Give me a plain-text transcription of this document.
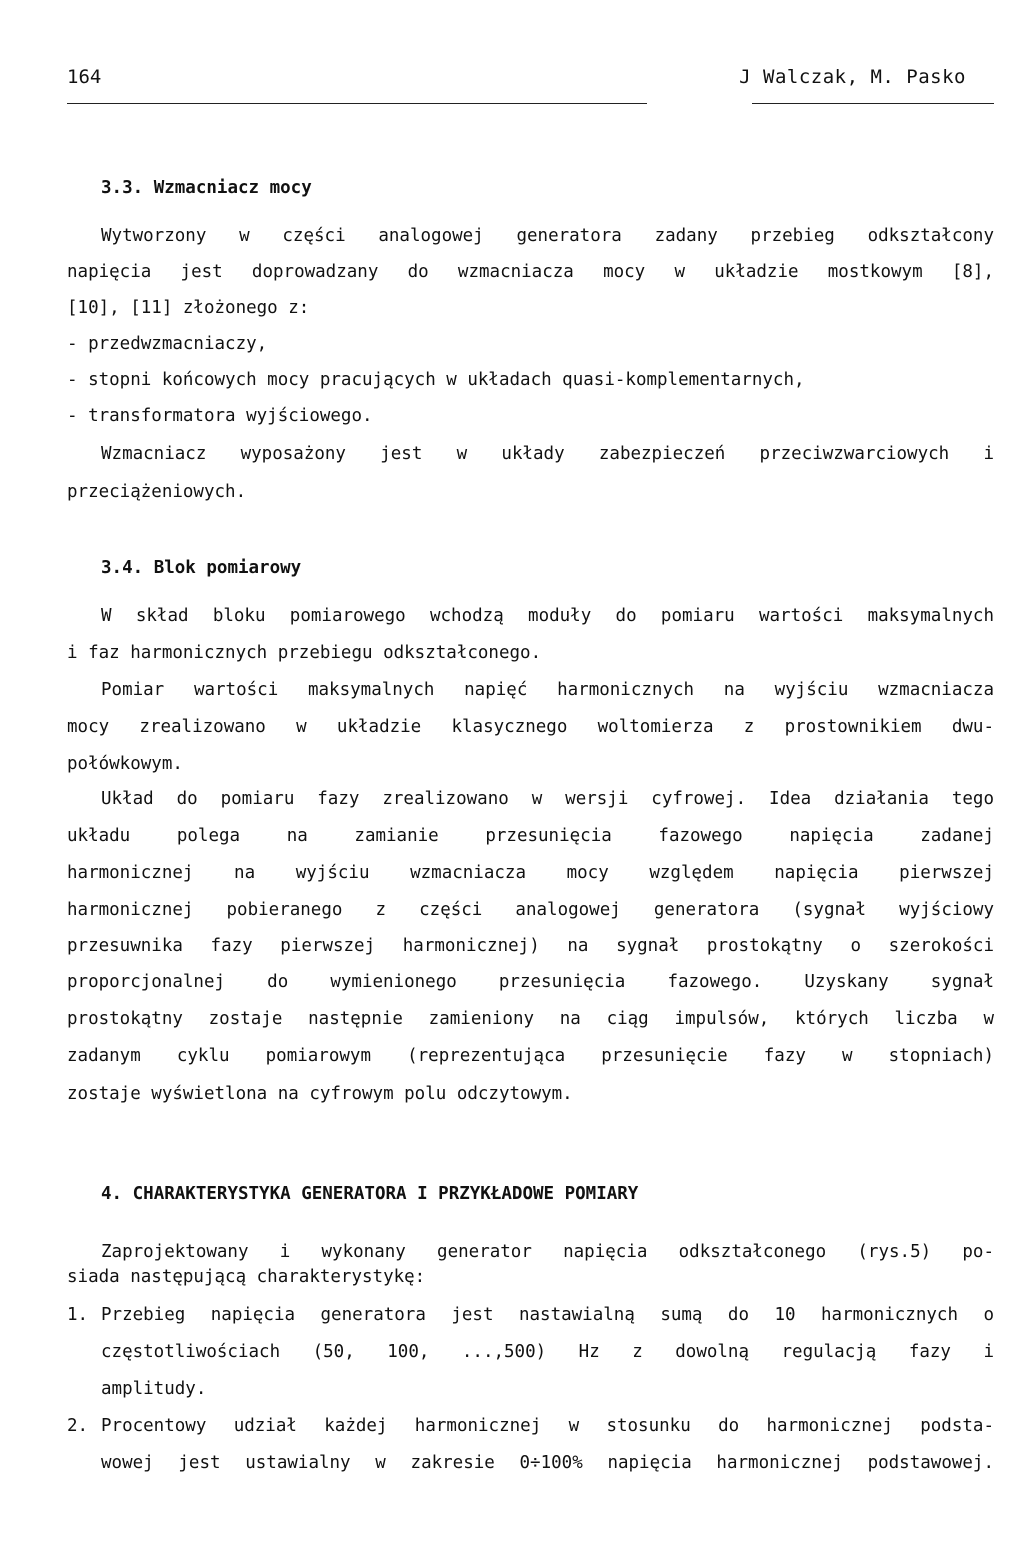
164	J Walczak, M. Pasko
3.3. Wzmacniacz mocy
Wytworzony w części analogowej generatora zadany przebieg odkształcony
napięcia jest doprowadzany do wzmacniacza mocy w układzie mostkowym [8],
[10], [11] złożonego z:
- przedwzmacniaczy,
- stopni końcowych mocy pracujących w układach quasi-komplementarnych,
- transformatora wyjściowego.
Wzmacniacz wyposażony jest w układy zabezpieczeń przeciwzwarciowych i
przeciążeniowych.
3.4. Blok pomiarowy
W skład bloku pomiarowego wchodzą moduły do pomiaru wartości maksymalnych
i faz harmonicznych przebiegu odkształconego.
Pomiar wartości maksymalnych napięć harmonicznych na wyjściu wzmacniacza
mocy zrealizowano w układzie klasycznego woltomierza z prostownikiem dwu-
połówkowym.
Układ do pomiaru fazy zrealizowano w wersji cyfrowej. Idea działania tego
układu polega na zamianie przesunięcia fazowego napięcia zadanej
harmonicznej na wyjściu wzmacniacza mocy względem napięcia pierwszej
harmonicznej pobieranego z części analogowej generatora (sygnał wyjściowy
przesuwnika fazy pierwszej harmonicznej) na sygnał prostokątny o szerokości
proporcjonalnej do wymienionego przesunięcia fazowego. Uzyskany sygnał
prostokątny zostaje następnie zamieniony na ciąg impulsów, których liczba w
zadanym cyklu pomiarowym (reprezentująca przesunięcie fazy w stopniach)
zostaje wyświetlona na cyfrowym polu odczytowym.
4. CHARAKTERYSTYKA GENERATORA I PRZYKŁADOWE POMIARY
Zaprojektowany i wykonany generator napięcia odkształconego (rys.5) po-
siada następującą charakterystykę:
1. Przebieg napięcia generatora jest nastawialną sumą do 10 harmonicznych o
częstotliwościach (50, 100, ...,500) Hz z dowolną regulacją fazy i
amplitudy.
2. Procentowy udział każdej harmonicznej w stosunku do harmonicznej podsta-
wowej jest ustawialny w zakresie 0÷100% napięcia harmonicznej podstawowej.
